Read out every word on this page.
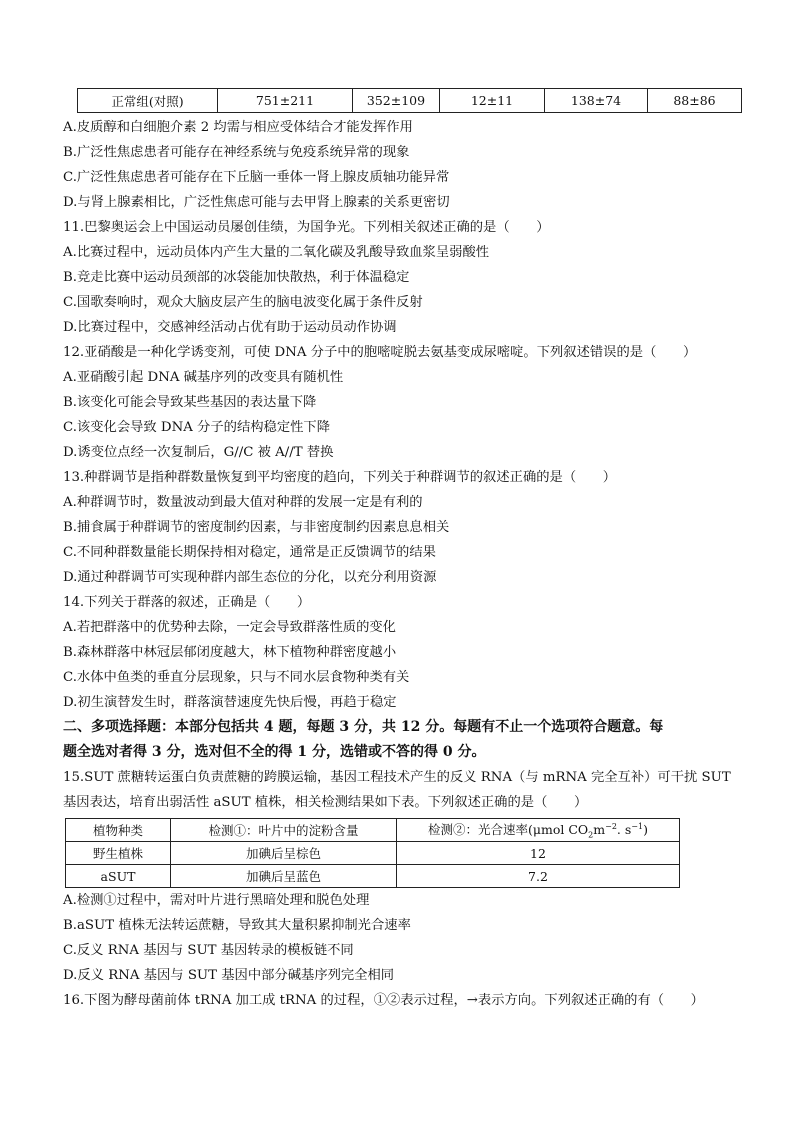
正常组(对照)	751±211	352±109	12±11	138±74	88±86
A.皮质醇和白细胞介素 2 均需与相应受体结合才能发挥作用
B.广泛性焦虑患者可能存在神经系统与免疫系统异常的现象
C.广泛性焦虑患者可能存在下丘脑一垂体一肾上腺皮质轴功能异常
D.与肾上腺素相比，广泛性焦虑可能与去甲肾上腺素的关系更密切
11.巴黎奥运会上中国运动员屡创佳绩，为国争光。下列相关叙述正确的是（　　）
A.比赛过程中，远动员体内产生大量的二氧化碳及乳酸导致血浆呈弱酸性
B.竞走比赛中运动员颈部的冰袋能加快散热，利于体温稳定
C.国歌奏响时，观众大脑皮层产生的脑电波变化属于条件反射
D.比赛过程中，交感神经活动占优有助于运动员动作协调
12.亚硝酸是一种化学诱变剂，可使 DNA 分子中的胞嘧啶脱去氨基变成尿嘧啶。下列叙述错误的是（　　）
A.亚硝酸引起 DNA 碱基序列的改变具有随机性
B.该变化可能会导致某些基因的表达量下降
C.该变化会导致 DNA 分子的结构稳定性下降
D.诱变位点经一次复制后，G//C 被 A//T 替换
13.种群调节是指种群数量恢复到平均密度的趋向，下列关于种群调节的叙述正确的是（　　）
A.种群调节时，数量波动到最大值对种群的发展一定是有利的
B.捕食属于种群调节的密度制约因素，与非密度制约因素息息相关
C.不同种群数量能长期保持相对稳定，通常是正反馈调节的结果
D.通过种群调节可实现种群内部生态位的分化，以充分利用资源
14.下列关于群落的叙述，正确是（　　）
A.若把群落中的优势种去除，一定会导致群落性质的变化
B.森林群落中林冠层郁闭度越大，林下植物种群密度越小
C.水体中鱼类的垂直分层现象，只与不同水层食物种类有关
D.初生演替发生时，群落演替速度先快后慢，再趋于稳定
二、多项选择题：本部分包括共 4 题，每题 3 分，共 12 分。每题有不止一个选项符合题意。每
题全选对者得 3 分，选对但不全的得 1 分，选错或不答的得 0 分。
15.SUT 蔗糖转运蛋白负责蔗糖的跨膜运输，基因工程技术产生的反义 RNA（与 mRNA 完全互补）可干扰 SUT
基因表达，培育出弱活性 aSUT 植株，相关检测结果如下表。下列叙述正确的是（　　）
植物种类	检测①：叶片中的淀粉含量	检测②：光合速率(μmol $CO_2m^{-2}$. $s^{-1}$)
野生植株	加碘后呈棕色	12
aSUT	加碘后呈蓝色	7.2
A.检测①过程中，需对叶片进行黑暗处理和脱色处理
B.aSUT 植株无法转运蔗糖，导致其大量积累抑制光合速率
C.反义 RNA 基因与 SUT 基因转录的模板链不同
D.反义 RNA 基因与 SUT 基因中部分碱基序列完全相同
16.下图为酵母菌前体 tRNA 加工成 tRNA 的过程，①②表示过程，→表示方向。下列叙述正确的有（　　）
